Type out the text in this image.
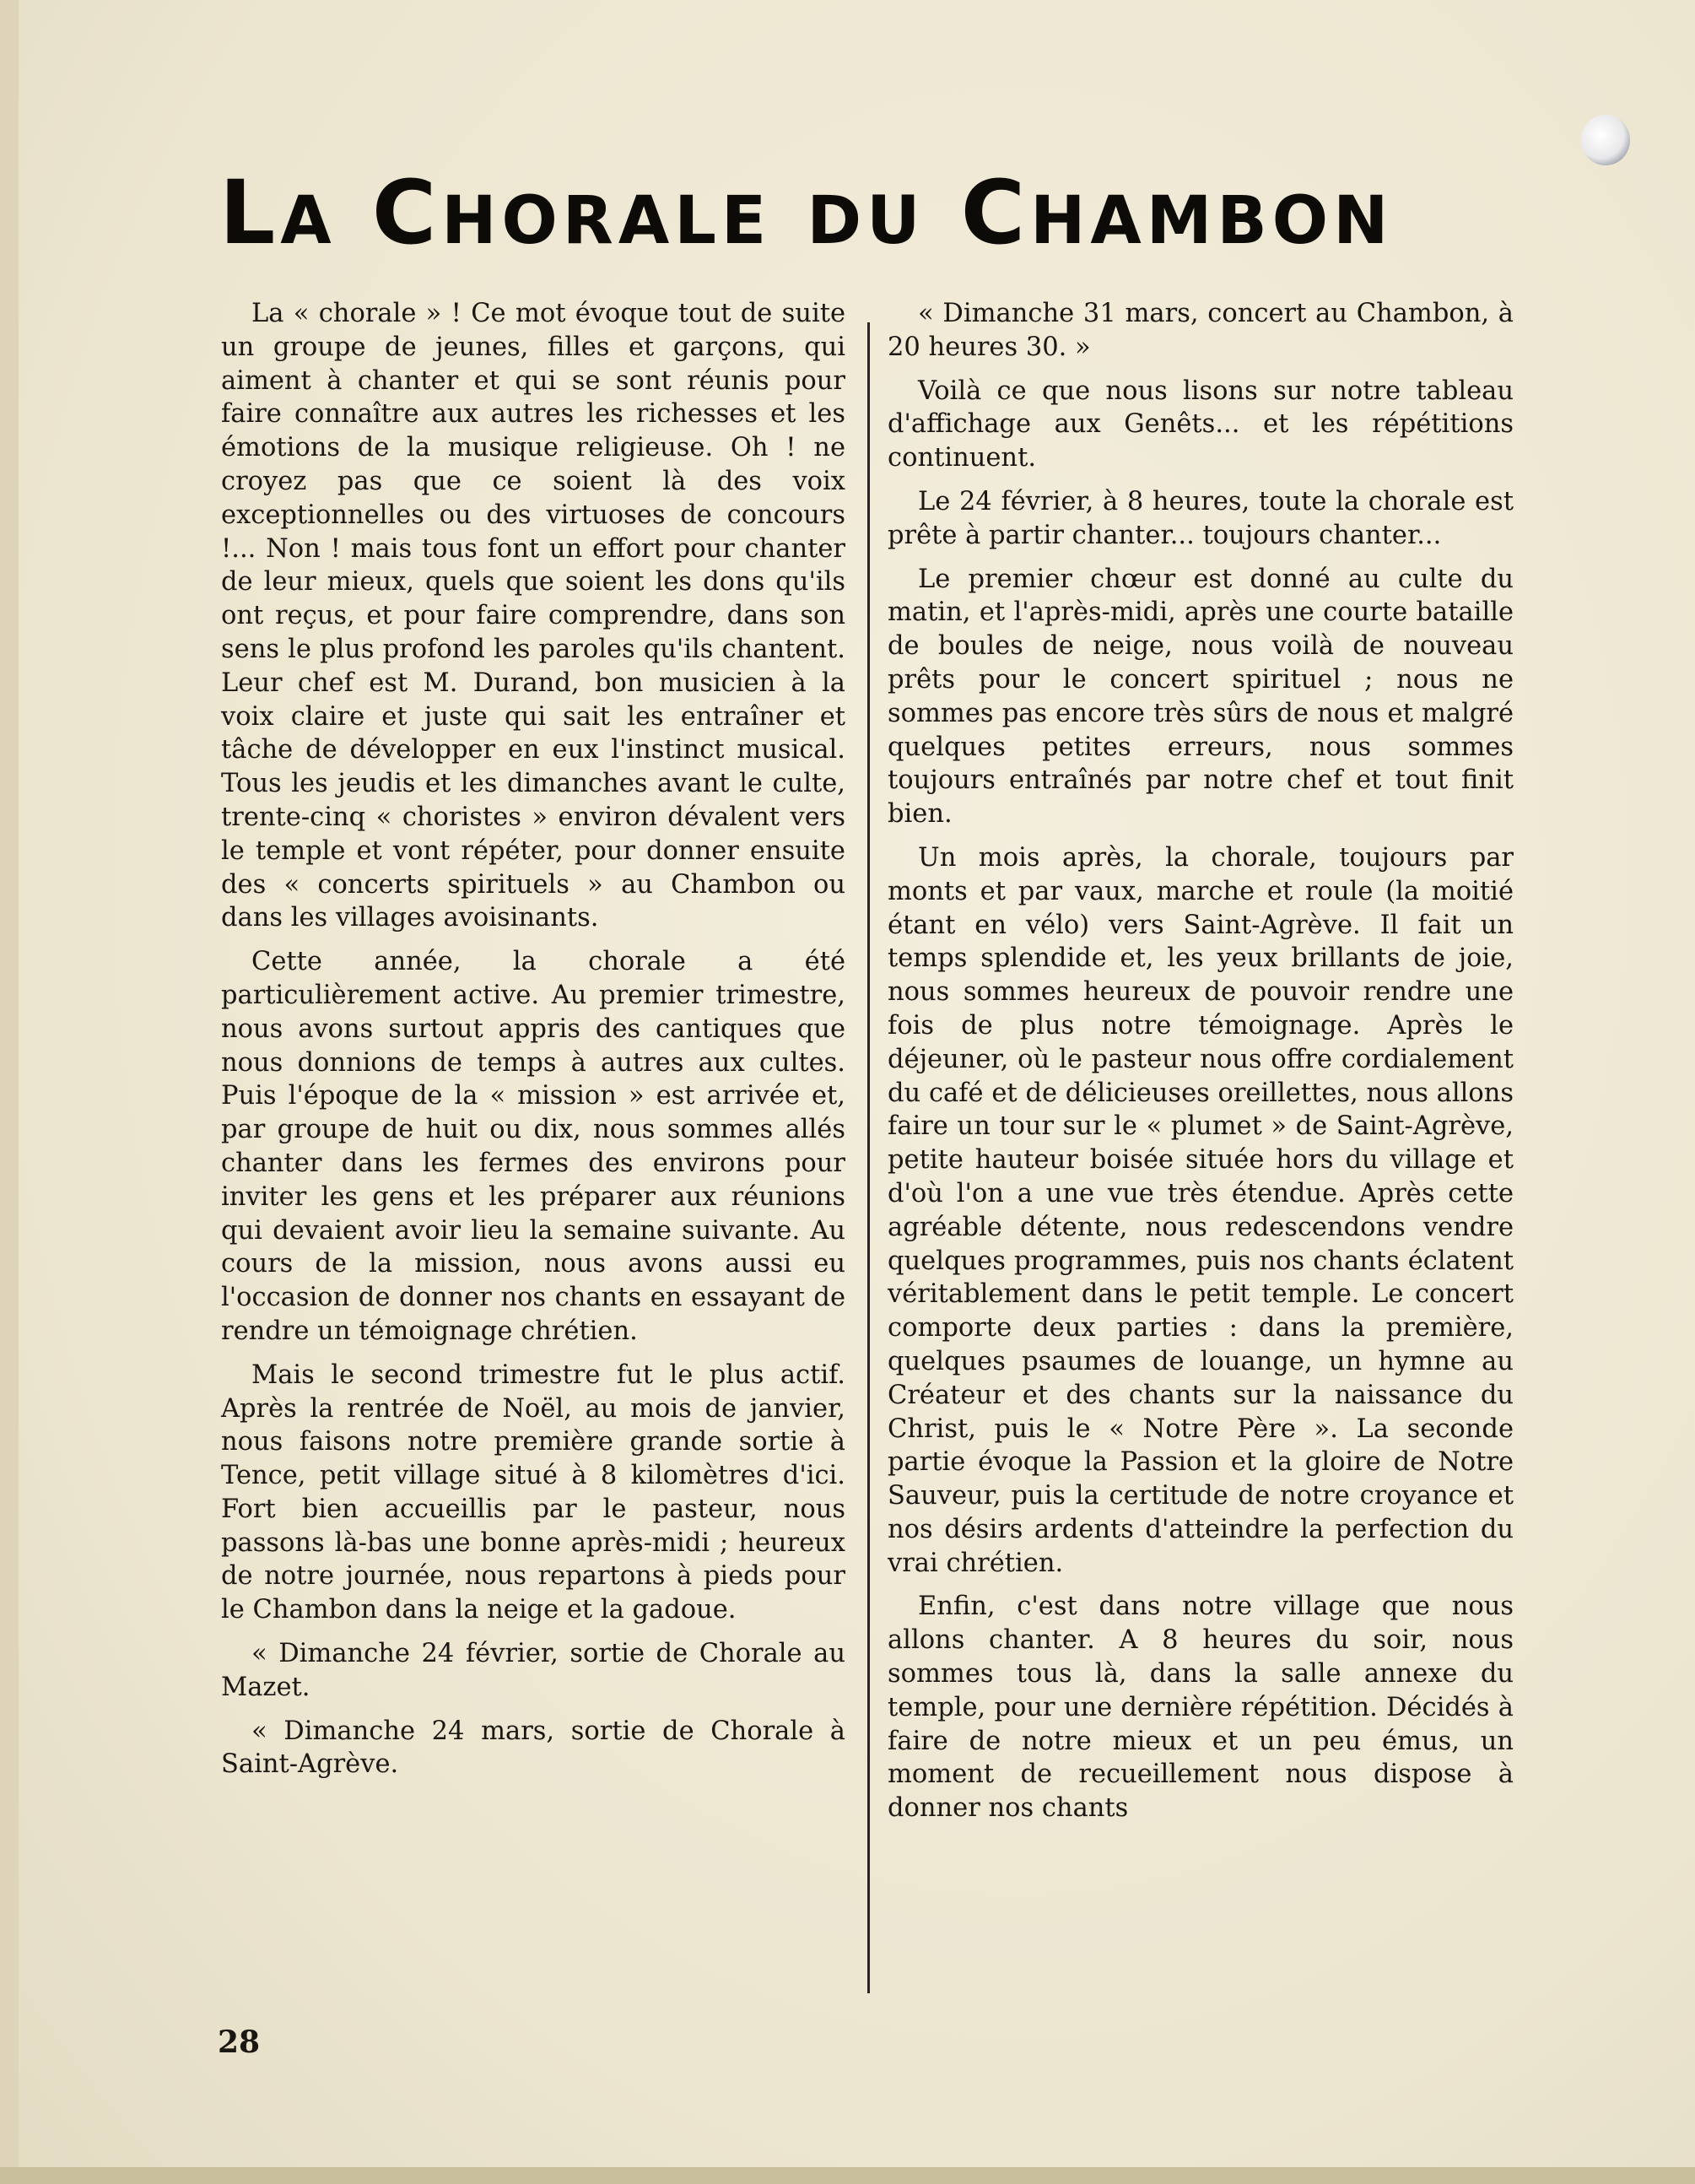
LA CHORALE DU CHAMBON

La « chorale » ! Ce mot évoque tout de suite un groupe de jeunes, filles et garçons, qui aiment à chanter et qui se sont réunis pour faire connaître aux autres les richesses et les émotions de la musique religieuse. Oh ! ne croyez pas que ce soient là des voix exceptionnelles ou des virtuoses de concours !... Non ! mais tous font un effort pour chanter de leur mieux, quels que soient les dons qu'ils ont reçus, et pour faire comprendre, dans son sens le plus profond les paroles qu'ils chantent. Leur chef est M. Durand, bon musicien à la voix claire et juste qui sait les entraîner et tâche de développer en eux l'instinct musical. Tous les jeudis et les dimanches avant le culte, trente-cinq « choristes » environ dévalent vers le temple et vont répéter, pour donner ensuite des « concerts spirituels » au Chambon ou dans les villages avoisinants.

Cette année, la chorale a été particulièrement active. Au premier trimestre, nous avons surtout appris des cantiques que nous donnions de temps à autres aux cultes. Puis l'époque de la « mission » est arrivée et, par groupe de huit ou dix, nous sommes allés chanter dans les fermes des environs pour inviter les gens et les préparer aux réunions qui devaient avoir lieu la semaine suivante. Au cours de la mission, nous avons aussi eu l'occasion de donner nos chants en essayant de rendre un témoignage chrétien.

Mais le second trimestre fut le plus actif. Après la rentrée de Noël, au mois de janvier, nous faisons notre première grande sortie à Tence, petit village situé à 8 kilomètres d'ici. Fort bien accueillis par le pasteur, nous passons là-bas une bonne après-midi ; heureux de notre journée, nous repartons à pieds pour le Chambon dans la neige et la gadoue.

« Dimanche 24 février, sortie de Chorale au Mazet.

« Dimanche 24 mars, sortie de Chorale à Saint-Agrève.

« Dimanche 31 mars, concert au Chambon, à 20 heures 30. »

Voilà ce que nous lisons sur notre tableau d'affichage aux Genêts... et les répétitions continuent.

Le 24 février, à 8 heures, toute la chorale est prête à partir chanter... toujours chanter...

Le premier chœur est donné au culte du matin, et l'après-midi, après une courte bataille de boules de neige, nous voilà de nouveau prêts pour le concert spirituel ; nous ne sommes pas encore très sûrs de nous et malgré quelques petites erreurs, nous sommes toujours entraînés par notre chef et tout finit bien.

Un mois après, la chorale, toujours par monts et par vaux, marche et roule (la moitié étant en vélo) vers Saint-Agrève. Il fait un temps splendide et, les yeux brillants de joie, nous sommes heureux de pouvoir rendre une fois de plus notre témoignage. Après le déjeuner, où le pasteur nous offre cordialement du café et de délicieuses oreillettes, nous allons faire un tour sur le « plumet » de Saint-Agrève, petite hauteur boisée située hors du village et d'où l'on a une vue très étendue. Après cette agréable détente, nous redescendons vendre quelques programmes, puis nos chants éclatent véritablement dans le petit temple. Le concert comporte deux parties : dans la première, quelques psaumes de louange, un hymne au Créateur et des chants sur la naissance du Christ, puis le « Notre Père ». La seconde partie évoque la Passion et la gloire de Notre Sauveur, puis la certitude de notre croyance et nos désirs ardents d'atteindre la perfection du vrai chrétien.

Enfin, c'est dans notre village que nous allons chanter. A 8 heures du soir, nous sommes tous là, dans la salle annexe du temple, pour une dernière répétition. Décidés à faire de notre mieux et un peu émus, un moment de recueillement nous dispose à donner nos chants

28
